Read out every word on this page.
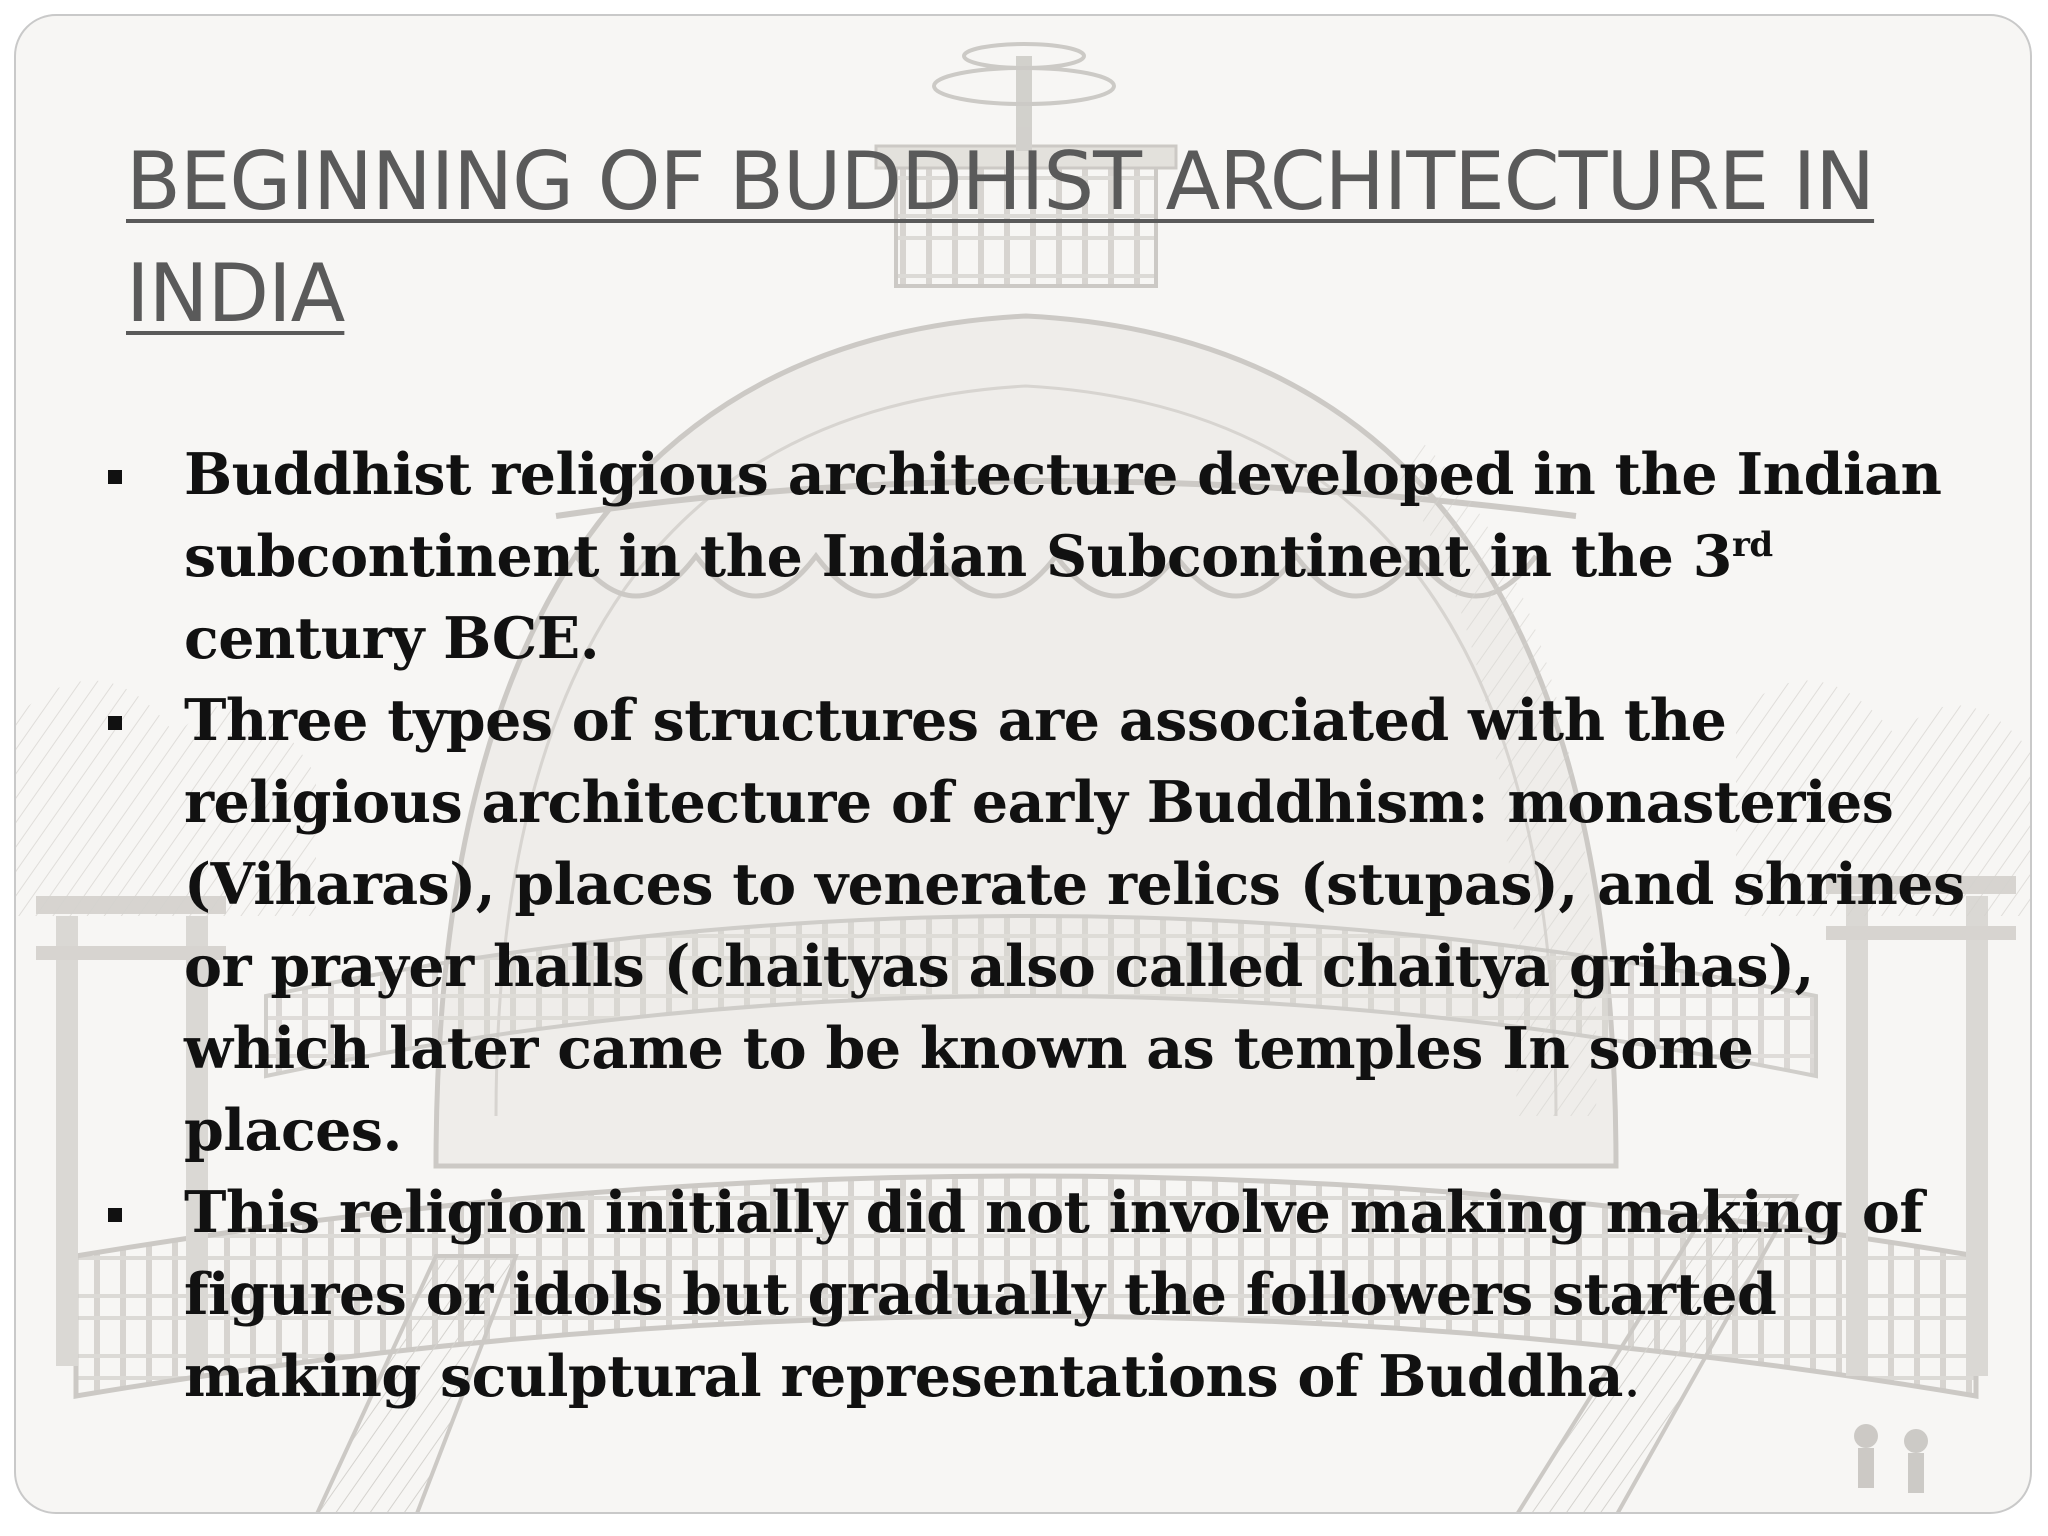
BEGINNING OF BUDDHIST ARCHITECTURE IN INDIA
Buddhist religious architecture developed in the Indian subcontinent in the Indian Subcontinent in the 3rd century BCE.
Three types of structures are associated with the religious architecture of early Buddhism: monasteries (Viharas), places to venerate relics (stupas), and shrines or prayer halls (chaityas also called chaitya grihas), which later came to be known as temples In some places.
This religion initially did not involve making making of figures or idols but gradually the followers started making sculptural representations of Buddha.
